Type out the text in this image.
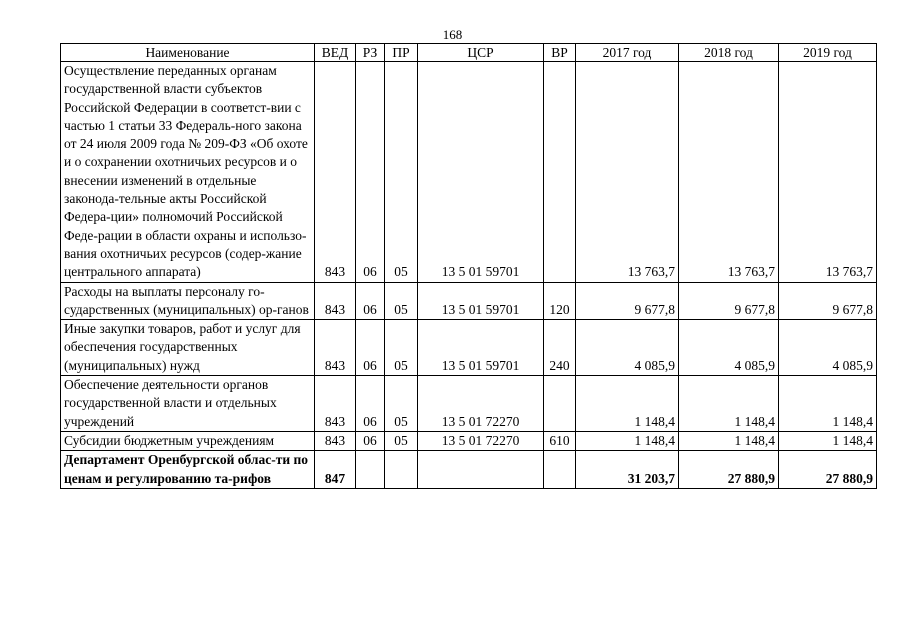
168
Наименование	ВЕД	РЗ	ПР	ЦСР	ВР	2017 год	2018 год	2019 год
Осуществление переданных органам государственной власти субъектов Российской Федерации в соответст-вии с частью 1 статьи 33 Федераль-ного закона от 24 июля 2009 года № 209-ФЗ «Об охоте и о сохранении охотничьих ресурсов и о внесении изменений в отдельные законода-тельные акты Российской Федера-ции» полномочий Российской Феде-рации в области охраны и использо-вания охотничьих ресурсов (содер-жание центрального аппарата)	843	06	05	13 5 01 59701		13 763,7	13 763,7	13 763,7
Расходы на выплаты персоналу го-сударственных (муниципальных) ор-ганов	843	06	05	13 5 01 59701	120	9 677,8	9 677,8	9 677,8
Иные закупки товаров, работ и услуг для обеспечения государственных (муниципальных) нужд	843	06	05	13 5 01 59701	240	4 085,9	4 085,9	4 085,9
Обеспечение деятельности органов государственной власти и отдельных учреждений	843	06	05	13 5 01 72270		1 148,4	1 148,4	1 148,4
Субсидии бюджетным учреждениям	843	06	05	13 5 01 72270	610	1 148,4	1 148,4	1 148,4
Департамент Оренбургской облас-ти по ценам и регулированию та-рифов	847					31 203,7	27 880,9	27 880,9
